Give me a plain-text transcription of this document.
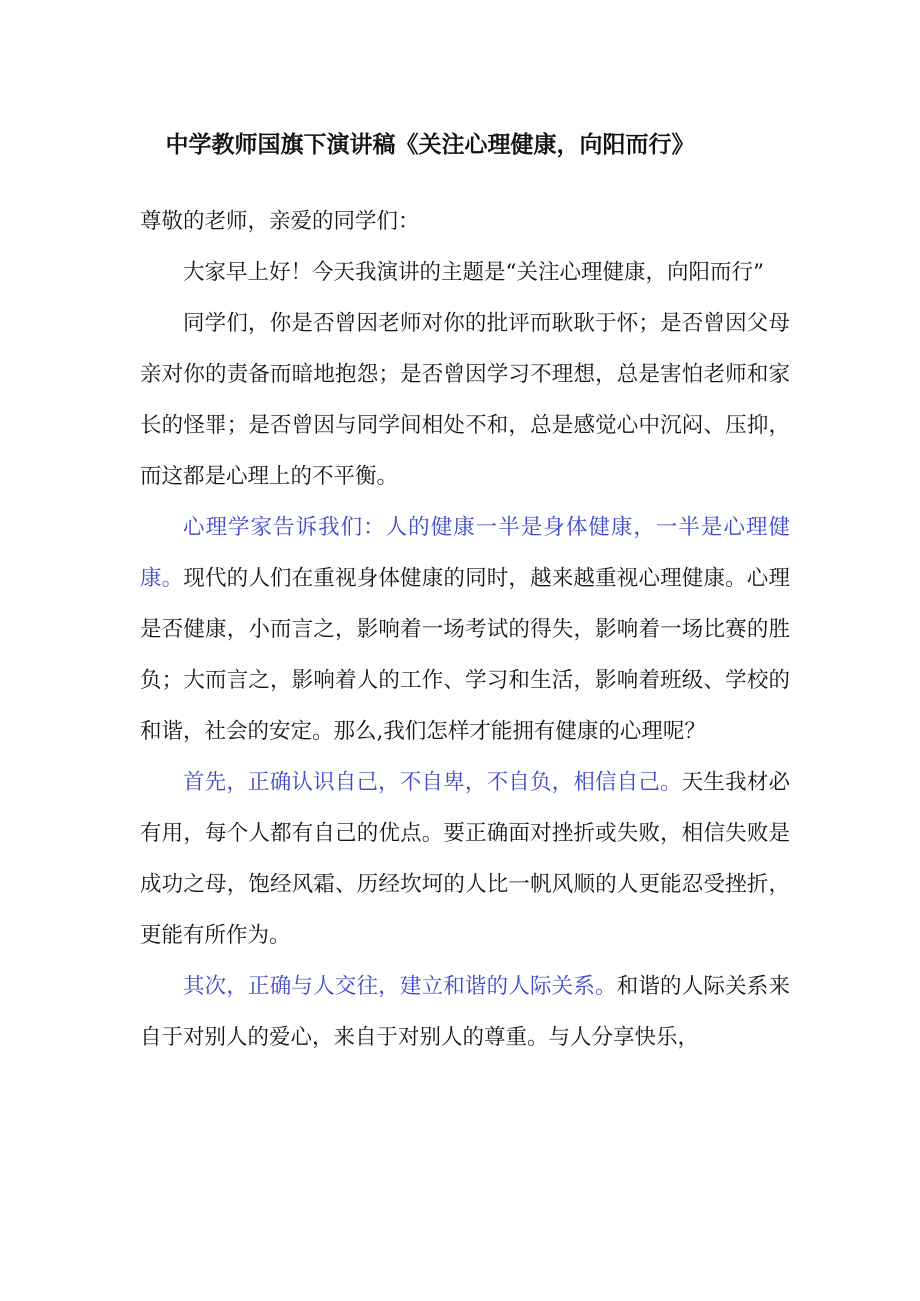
中学教师国旗下演讲稿《关注心理健康，向阳而行》

尊敬的老师，亲爱的同学们：

大家早上好！今天我演讲的主题是“关注心理健康，向阳而行”

同学们，你是否曾因老师对你的批评而耿耿于怀；是否曾因父母亲对你的责备而暗地抱怨；是否曾因学习不理想，总是害怕老师和家长的怪罪；是否曾因与同学间相处不和，总是感觉心中沉闷、压抑，而这都是心理上的不平衡。

心理学家告诉我们：人的健康一半是身体健康，一半是心理健康。现代的人们在重视身体健康的同时，越来越重视心理健康。心理是否健康，小而言之，影响着一场考试的得失，影响着一场比赛的胜负；大而言之，影响着人的工作、学习和生活，影响着班级、学校的和谐，社会的安定。那么,我们怎样才能拥有健康的心理呢？

首先，正确认识自己，不自卑，不自负，相信自己。天生我材必有用，每个人都有自己的优点。要正确面对挫折或失败，相信失败是成功之母，饱经风霜、历经坎坷的人比一帆风顺的人更能忍受挫折，更能有所作为。

其次，正确与人交往，建立和谐的人际关系。和谐的人际关系来自于对别人的爱心，来自于对别人的尊重。与人分享快乐，
